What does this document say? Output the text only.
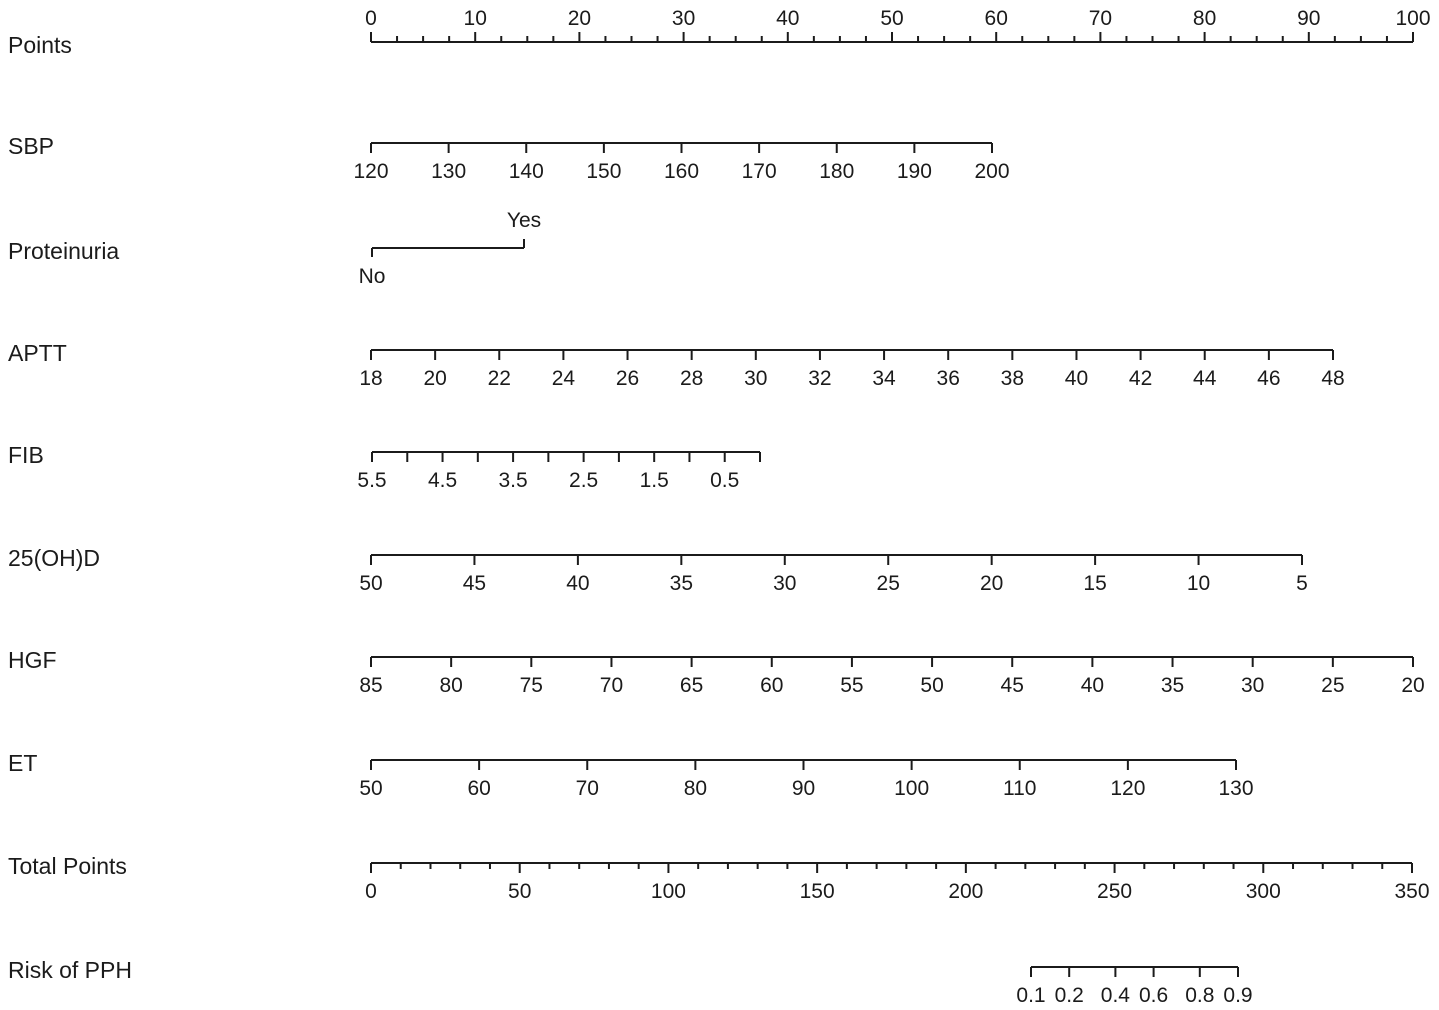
Points
0	10	20	30	40	50	60	70	80	90	100
SBP
120 130 140 150 160 170 180 190 200
Proteinuria
No
Yes
APTT
18 20 22 24 26 28 30 32 34 36 38 40 42 44 46 48
FIB
5.5 4.5 3.5 2.5 1.5 0.5
25(OH)D
50	45	40	35	30	25	20	15	10	5
HGF
85	80	75	70	65	60	55	50	45	40	35	30	25	20
ET
50	60	70	80	90	100	110	120	130
Total Points
0	50	100	150	200	250	300	350
Risk of PPH
0.1 0.2 0.4 0.6 0.8 0.9
